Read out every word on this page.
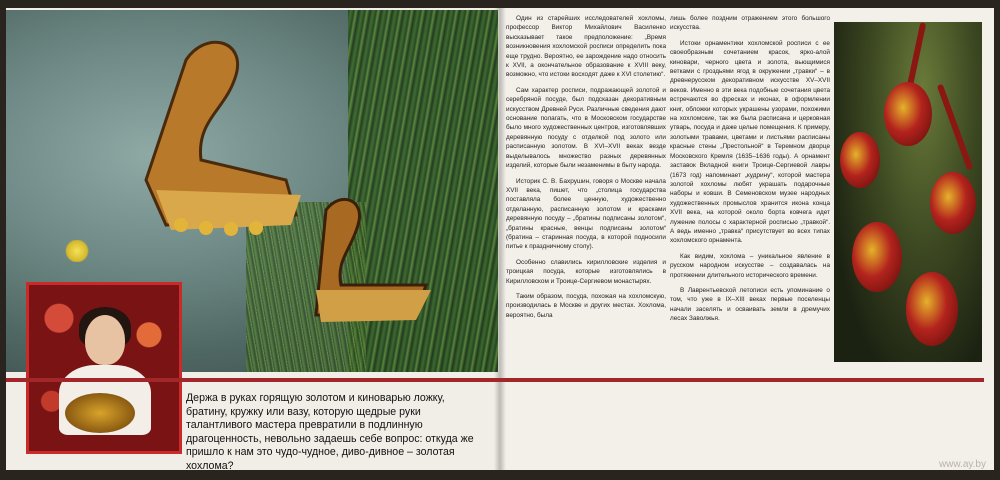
Держа в руках горящую золотом и киноварью ложку, братину, кружку или вазу, которую щедрые руки талантливого мастера превратили в подлинную драгоценность, невольно задаешь себе вопрос: откуда же пришло к нам это чудо-чудное, диво-дивное – золотая хохлома?

Один из старейших исследователей хохломы, профессор Виктор Михайлович Василенко высказывает такое предположение: „Время возникновения хохломской росписи определить пока еще трудно. Вероятно, ее зарождение надо относить к XVII, а окончательное образование к XVIII веку, возможно, что истоки восходят даже к XVI столетию“.

Сам характер росписи, подражающей золотой и серебряной посуде, был подсказан декоративным искусством Древней Руси. Различные сведения дают основание полагать, что в Московском государстве было много художественных центров, изготовлявших деревянную посуду с отделкой под золото или расписанную золотом. В XVI–XVII веках везде выделывалось множество разных деревянных изделий, которые были незаменимы в быту народа.

Историк С. В. Бахрушин, говоря о Москве начала XVII века, пишет, что „столица государства поставляла более ценную, художественно отделанную, расписанную золотом и красками деревянную посуду – „братины подписаны золотом“, „братины красные, венцы подписаны золотом“ (братина – старинная посуда, в которой подносили питье к праздничному столу).

Особенно славились кирилловские изделия и троицкая посуда, которые изготовлялись в Кирилловском и Троице-Сергиевом монастырях.

Таким образом, посуда, похожая на хохломскую, производилась в Москве и других местах. Хохлома, вероятно, была

лишь более поздним отражением этого большого искусства.

Истоки орнаментики хохломской росписи с ее своеобразным сочетанием красок, ярко-алой киновари, черного цвета и золота, вьющимися ветками с гроздьями ягод в окружении „травки“ – в древнерусском декоративном искусстве XV–XVII веков. Именно в эти века подобные сочетания цвета встречаются во фресках и иконах, в оформлении книг, обложки которых украшены узорами, похожими на хохломские, так же была расписана и церковная утварь, посуда и даже целые помещения. К примеру, золотыми травами, цветами и листьями расписаны красные стены „Престольной“ в Теремном дворце Московского Кремля (1635–1636 годы). А орнамент заставок Вкладной книги Троице-Сергиевой лавры (1673 год) напоминает „кудрину“, которой мастера золотой хохломы любят украшать подарочные наборы и ковши. В Семеновском музее народных художественных промыслов хранится икона конца XVII века, на которой около борта ковчега идет лужение полосы с характерной росписью „травкой“. А ведь именно „травка“ присутствует во всех типах хохломского орнамента.

Как видим, хохлома – уникальное явление в русском народном искусстве – создавалась на протяжении длительного исторического времени.

В Лаврентьевской летописи есть упоминание о том, что уже в IX–XIII веках первые поселенцы начали заселять и осваивать земли в дремучих лесах Заволжья.

www.ay.by
